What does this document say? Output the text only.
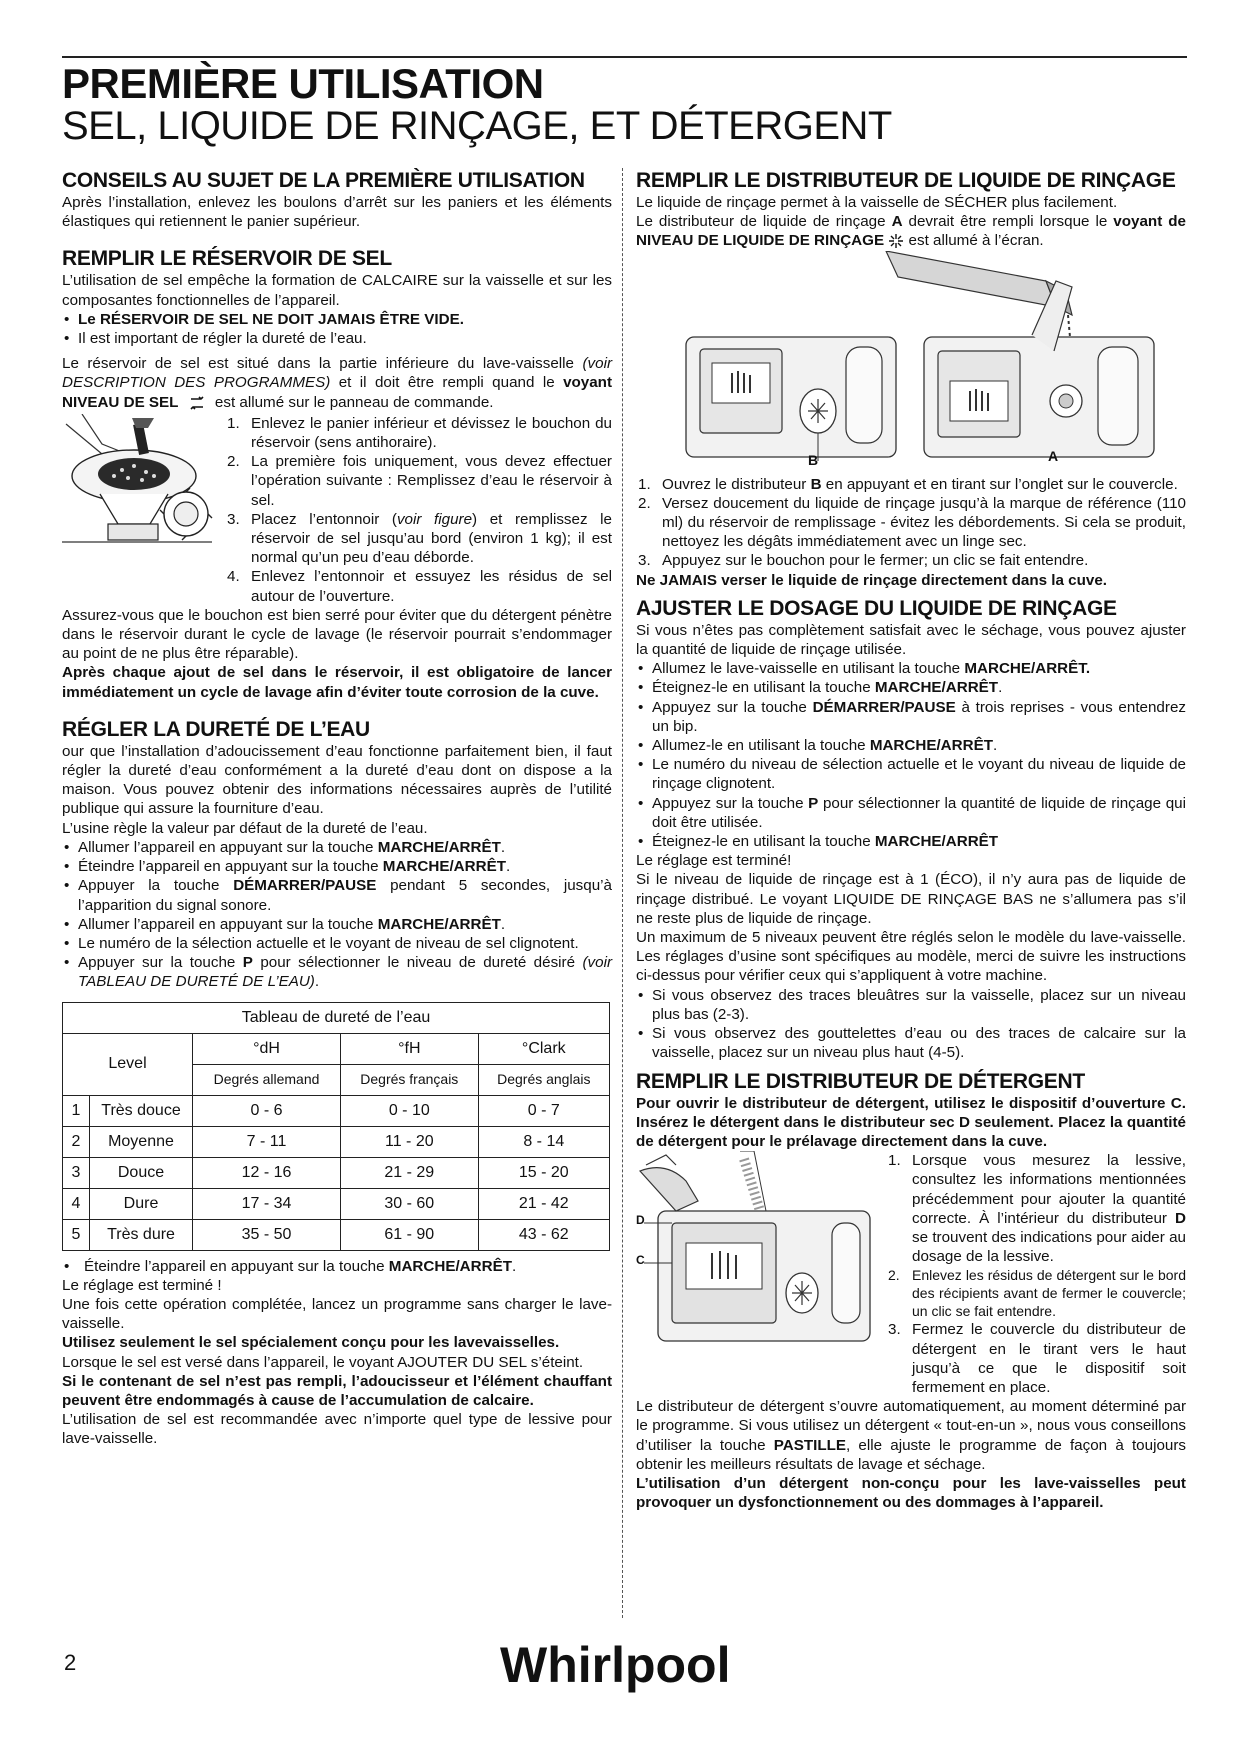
PREMIÈRE UTILISATION
SEL, LIQUIDE DE RINÇAGE, ET DÉTERGENT
CONSEILS AU SUJET DE LA PREMIÈRE UTILISATION

Après l’installation, enlevez les boulons d’arrêt sur les paniers et les éléments élastiques qui retiennent le panier supérieur.

REMPLIR LE RÉSERVOIR DE SEL

L’utilisation de sel empêche la formation de CALCAIRE sur la vaisselle et sur les composantes fonctionnelles de l’appareil.

• Le RÉSERVOIR DE SEL NE DOIT JAMAIS ÊTRE VIDE.
• Il est important de régler la dureté de l’eau.

Le réservoir de sel est situé dans la partie inférieure du lave-vaisselle (voir DESCRIPTION DES PROGRAMMES) et il doit être rempli quand le voyant NIVEAU DE SEL  est allumé sur le panneau de commande.

1. Enlevez le panier inférieur et dévissez le bouchon du réservoir (sens antihoraire).
2. La première fois uniquement, vous devez effectuer l’opération suivante : Remplissez d’eau le réservoir à sel.
3. Placez l’entonnoir (voir figure) et remplissez le réservoir de sel jusqu’au bord (environ 1 kg); il est normal qu’un peu d’eau déborde.
4. Enlevez l’entonnoir et essuyez les résidus de sel autour de l’ouverture.

Assurez-vous que le bouchon est bien serré pour éviter que du détergent pénètre dans le réservoir durant le cycle de lavage (le réservoir pourrait s’endommager au point de ne plus être réparable).

Après chaque ajout de sel dans le réservoir, il est obligatoire de lancer immédiatement un cycle de lavage afin d’éviter toute corrosion de la cuve.

RÉGLER LA DURETÉ DE L’EAU

our que l’installation d’adoucissement d’eau fonctionne parfaitement bien, il faut régler la dureté d’eau conformément a la dureté d’eau dont on dispose a la maison. Vous pouvez obtenir des informations nécessaires auprès de l’utilité publique qui assure la fourniture d’eau.

L’usine règle la valeur par défaut de la dureté de l’eau.

• Allumer l’appareil en appuyant sur la touche MARCHE/ARRÊT.
• Éteindre l’appareil en appuyant sur la touche MARCHE/ARRÊT.
• Appuyer la touche DÉMARRER/PAUSE pendant 5 secondes, jusqu’à l’apparition du signal sonore.
• Allumer l’appareil en appuyant sur la touche MARCHE/ARRÊT.
• Le numéro de la sélection actuelle et le voyant de niveau de sel clignotent.
• Appuyer sur la touche P pour sélectionner le niveau de dureté désiré (voir TABLEAU DE DURETÉ DE L’EAU).
Tableau de dureté de l’eau				
Level		°dH	°fH	°Clark
		Degrés allemand	Degrés français	Degrés anglais
1	Très douce	0 - 6	0 - 10	0 - 7
2	Moyenne	7 - 11	11 - 20	8 - 14
3	Douce	12 - 16	21 - 29	15 - 20
4	Dure	17 - 34	30 - 60	21 - 42
5	Très dure	35 - 50	61 - 90	43 - 62
• Éteindre l’appareil en appuyant sur la touche MARCHE/ARRÊT.

Le réglage est terminé !

Une fois cette opération complétée, lancez un programme sans charger le lave-vaisselle.

Utilisez seulement le sel spécialement conçu pour les lavevaisselles.

Lorsque le sel est versé dans l’appareil, le voyant AJOUTER DU SEL s’éteint.

Si le contenant de sel n’est pas rempli, l’adoucisseur et l’élément chauffant peuvent être endommagés à cause de l’accumulation de calcaire.

L’utilisation de sel est recommandée avec n’importe quel type de lessive pour lave-vaisselle.

REMPLIR LE DISTRIBUTEUR DE LIQUIDE DE RINÇAGE

Le liquide de rinçage permet à la vaisselle de SÉCHER plus facilement.

Le distributeur de liquide de rinçage A devrait être rempli lorsque le voyant de NIVEAU DE LIQUIDE DE RINÇAGE  est allumé à l’écran.

B	A
1. Ouvrez le distributeur B en appuyant et en tirant sur l’onglet sur le couvercle.
2. Versez doucement du liquide de rinçage jusqu’à la marque de référence (110 ml) du réservoir de remplissage - évitez les débordements. Si cela se produit, nettoyez les dégâts immédiatement avec un linge sec.
3. Appuyez sur le bouchon pour le fermer; un clic se fait entendre.

Ne JAMAIS verser le liquide de rinçage directement dans la cuve.

AJUSTER LE DOSAGE DU LIQUIDE DE RINÇAGE

Si vous n’êtes pas complètement satisfait avec le séchage, vous pouvez ajuster la quantité de liquide de rinçage utilisée.

• Allumez le lave-vaisselle en utilisant la touche MARCHE/ARRÊT.
• Éteignez-le en utilisant la touche MARCHE/ARRÊT.
• Appuyez sur la touche DÉMARRER/PAUSE à trois reprises - vous entendrez un bip.
• Allumez-le en utilisant la touche MARCHE/ARRÊT.
• Le numéro du niveau de sélection actuelle et le voyant du niveau de liquide de rinçage clignotent.
• Appuyez sur la touche P pour sélectionner la quantité de liquide de rinçage qui doit être utilisée.
• Éteignez-le en utilisant la touche MARCHE/ARRÊT

Le réglage est terminé!

Si le niveau de liquide de rinçage est à 1 (ÉCO), il n’y aura pas de liquide de rinçage distribué. Le voyant LIQUIDE DE RINÇAGE BAS ne s’allumera pas s’il ne reste plus de liquide de rinçage.

Un maximum de 5 niveaux peuvent être réglés selon le modèle du lave-vaisselle. Les réglages d’usine sont spécifiques au modèle, merci de suivre les instructions ci-dessus pour vérifier ceux qui s’appliquent à votre machine.

• Si vous observez des traces bleuâtres sur la vaisselle, placez sur un niveau plus bas (2-3).
• Si vous observez des gouttelettes d’eau ou des traces de calcaire sur la vaisselle, placez sur un niveau plus haut (4-5).
REMPLIR LE DISTRIBUTEUR DE DÉTERGENT

Pour ouvrir le distributeur de détergent, utilisez le dispositif d’ouverture C. Insérez le détergent dans le distributeur sec D seulement. Placez la quantité de détergent pour le prélavage directement dans la cuve.

D
C
1. Lorsque vous mesurez la lessive, consultez les informations mentionnées précédemment pour ajouter la quantité correcte. À l’intérieur du distributeur D se trouvent des indications pour aider au dosage de la lessive.
2. Enlevez les résidus de détergent sur le bord des récipients avant de fermer le couvercle; un clic se fait entendre.
3. Fermez le couvercle du distributeur de détergent en le tirant vers le haut jusqu’à ce que le dispositif soit fermement en place.

Le distributeur de détergent s’ouvre automatiquement, au moment déterminé par le programme. Si vous utilisez un détergent « tout-en-un », nous vous conseillons d’utiliser la touche PASTILLE, elle ajuste le programme de façon à toujours obtenir les meilleurs résultats de lavage et séchage.

L’utilisation d’un détergent non-conçu pour les lave-vaisselles peut provoquer un dysfonctionnement ou des dommages à l’appareil.

2	Whirlpool
